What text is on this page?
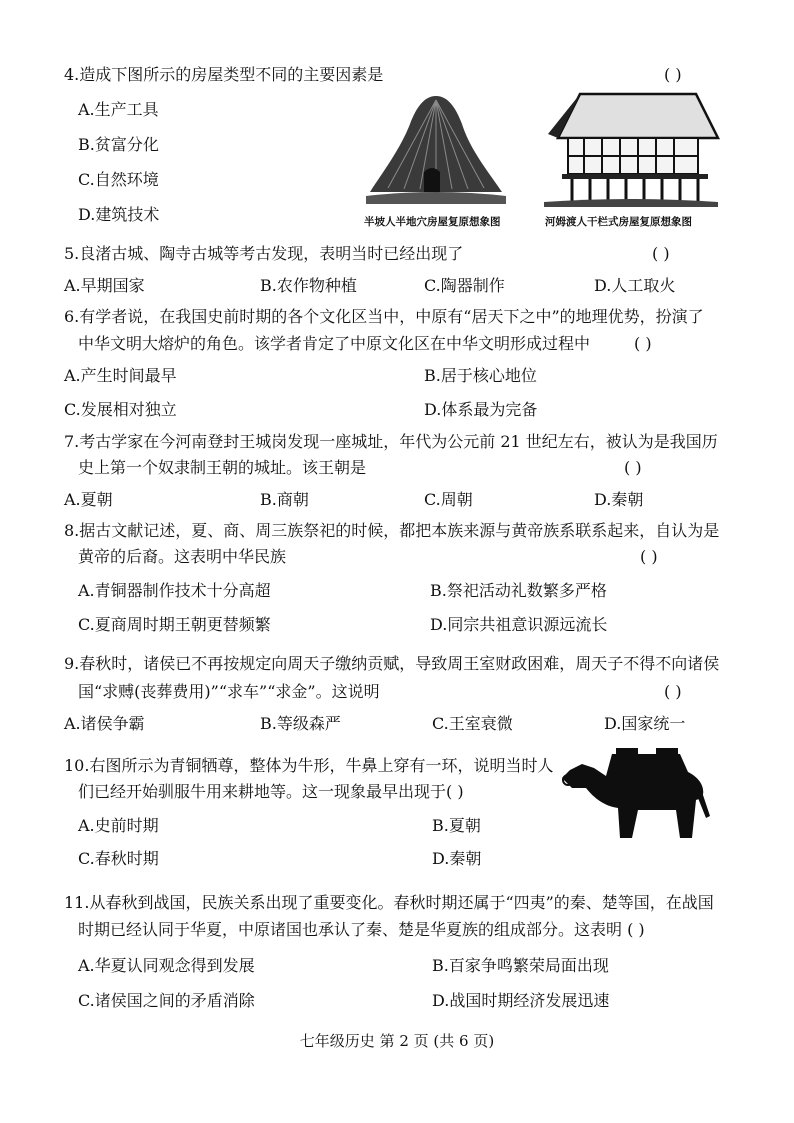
4.造成下图所示的房屋类型不同的主要因素是	( )
A.生产工具
B.贫富分化
C.自然环境
D.建筑技术	半坡人半地穴房屋复原想象图	河姆渡人干栏式房屋复原想象图
5.良渚古城、陶寺古城等考古发现，表明当时已经出现了	( )
A.早期国家	B.农作物种植	C.陶器制作	D.人工取火
6.有学者说，在我国史前时期的各个文化区当中，中原有“居天下之中”的地理优势，扮演了
中华文明大熔炉的角色。该学者肯定了中原文化区在中华文明形成过程中	( )
A.产生时间最早	B.居于核心地位
C.发展相对独立	D.体系最为完备
7.考古学家在今河南登封王城岗发现一座城址，年代为公元前 21 世纪左右，被认为是我国历
史上第一个奴隶制王朝的城址。该王朝是	( )
A.夏朝	B.商朝	C.周朝	D.秦朝
8.据古文献记述，夏、商、周三族祭祀的时候，都把本族来源与黄帝族系联系起来，自认为是
黄帝的后裔。这表明中华民族	( )
A.青铜器制作技术十分高超	B.祭祀活动礼数繁多严格
C.夏商周时期王朝更替频繁	D.同宗共祖意识源远流长
9.春秋时，诸侯已不再按规定向周天子缴纳贡赋，导致周王室财政困难，周天子不得不向诸侯
国“求赙(丧葬费用)”“求车”“求金”。这说明	( )
A.诸侯争霸	B.等级森严	C.王室衰微	D.国家统一
10.右图所示为青铜牺尊，整体为牛形，牛鼻上穿有一环，说明当时人
们已经开始驯服牛用来耕地等。这一现象最早出现于( )
A.史前时期	B.夏朝
C.春秋时期	D.秦朝
11.从春秋到战国，民族关系出现了重要变化。春秋时期还属于“四夷”的秦、楚等国，在战国
时期已经认同于华夏，中原诸国也承认了秦、楚是华夏族的组成部分。这表明 ( )
A.华夏认同观念得到发展	B.百家争鸣繁荣局面出现
C.诸侯国之间的矛盾消除	D.战国时期经济发展迅速
七年级历史 第 2 页 (共 6 页)
